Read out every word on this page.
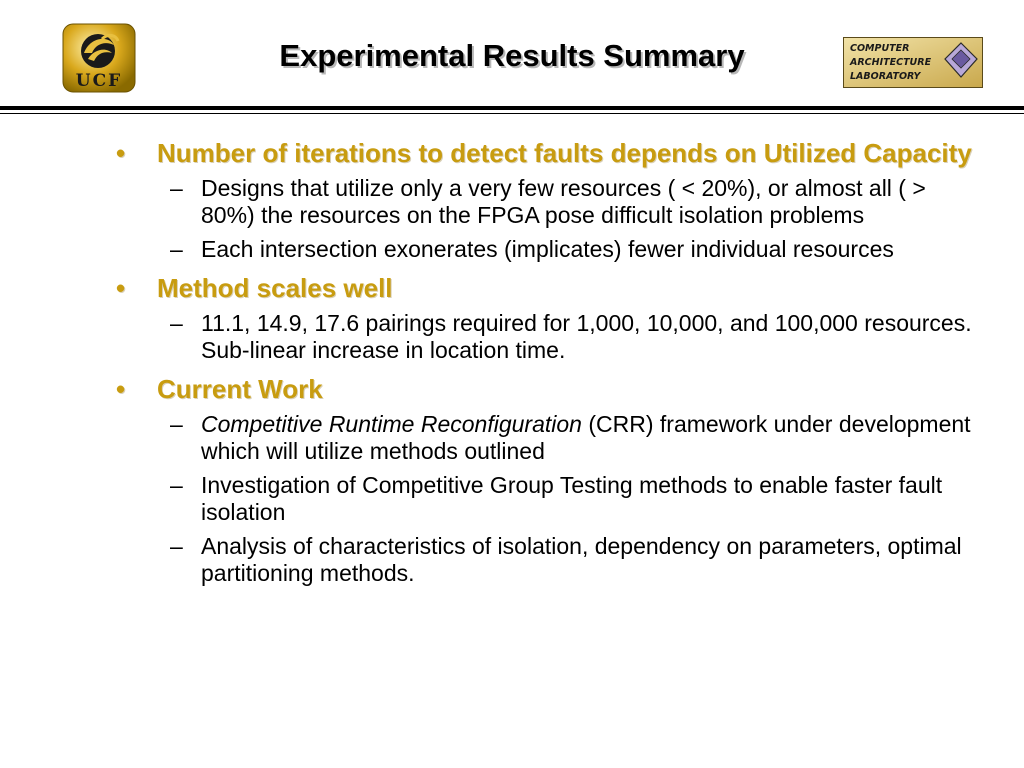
UCF
Experimental Results Summary	COMPUTER
ARCHITECTURE
LABORATORY
•	Number of iterations to detect faults depends on Utilized Capacity
– Designs that utilize only a very few resources ( < 20%), or almost all ( > 80%) the resources on the FPGA pose difficult isolation problems
– Each intersection exonerates (implicates) fewer individual resources
•	Method scales well
– 11.1, 14.9, 17.6 pairings required for 1,000, 10,000, and 100,000 resources. Sub-linear increase in location time.
•	Current Work
– Competitive Runtime Reconfiguration (CRR) framework under development which will utilize methods outlined
– Investigation of Competitive Group Testing methods to enable faster fault isolation
– Analysis of characteristics of isolation, dependency on parameters, optimal partitioning methods.
